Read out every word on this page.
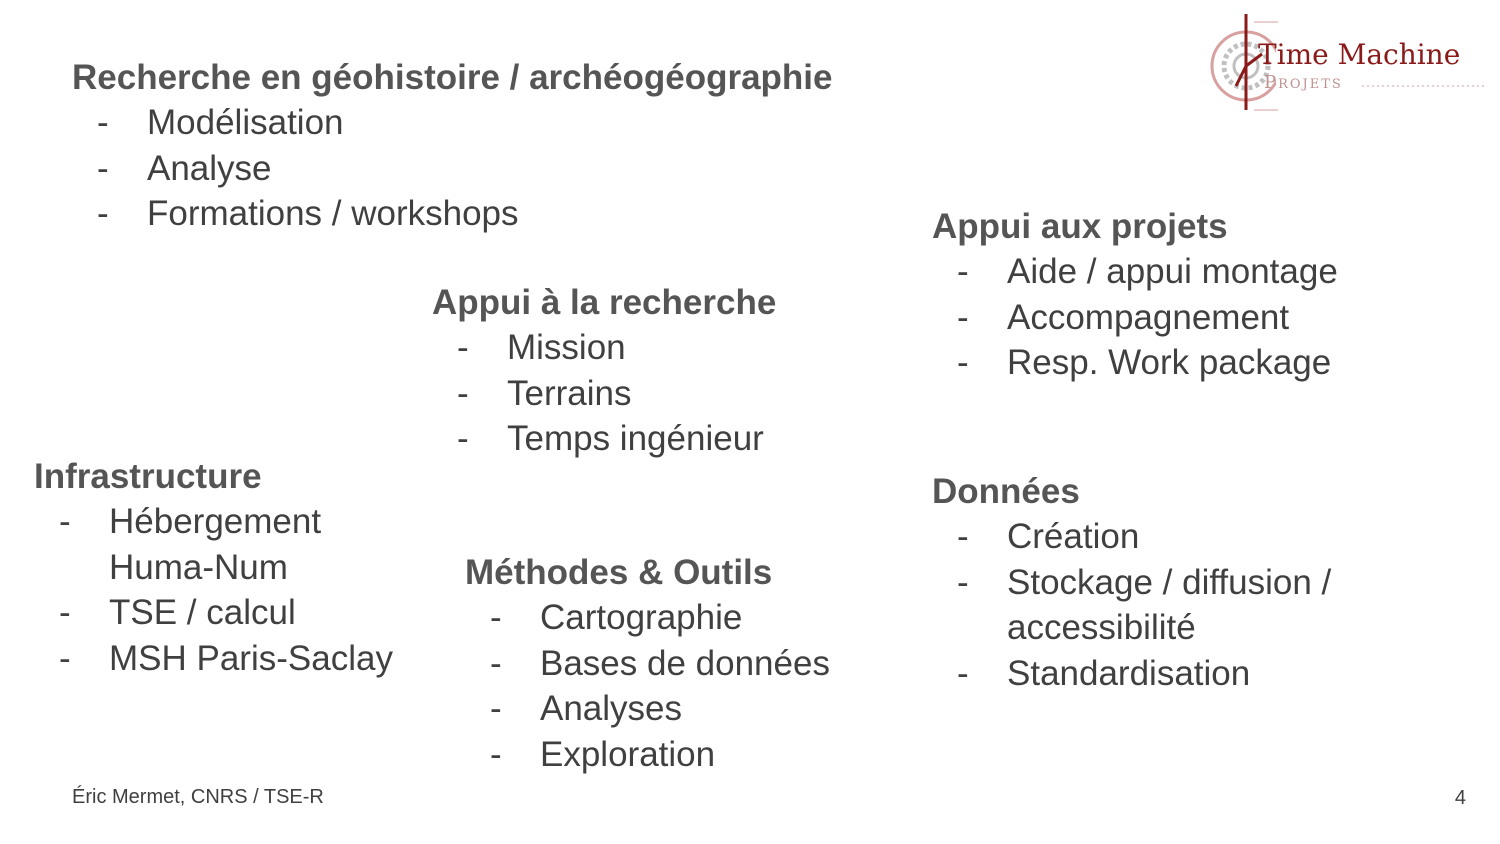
Time Machine
Projets
Recherche en géohistoire / archéogéographie
- Modélisation
- Analyse
- Formations / workshops
Appui à la recherche
- Mission
- Terrains
- Temps ingénieur
Appui aux projets
- Aide / appui montage
- Accompagnement
- Resp. Work package
Infrastructure
- Hébergement
Huma-Num
- TSE / calcul
- MSH Paris-Saclay
Données
- Création
- Stockage / diffusion /
accessibilité
- Standardisation
Méthodes & Outils
- Cartographie
- Bases de données
- Analyses
- Exploration
Éric Mermet, CNRS / TSE-R	4
